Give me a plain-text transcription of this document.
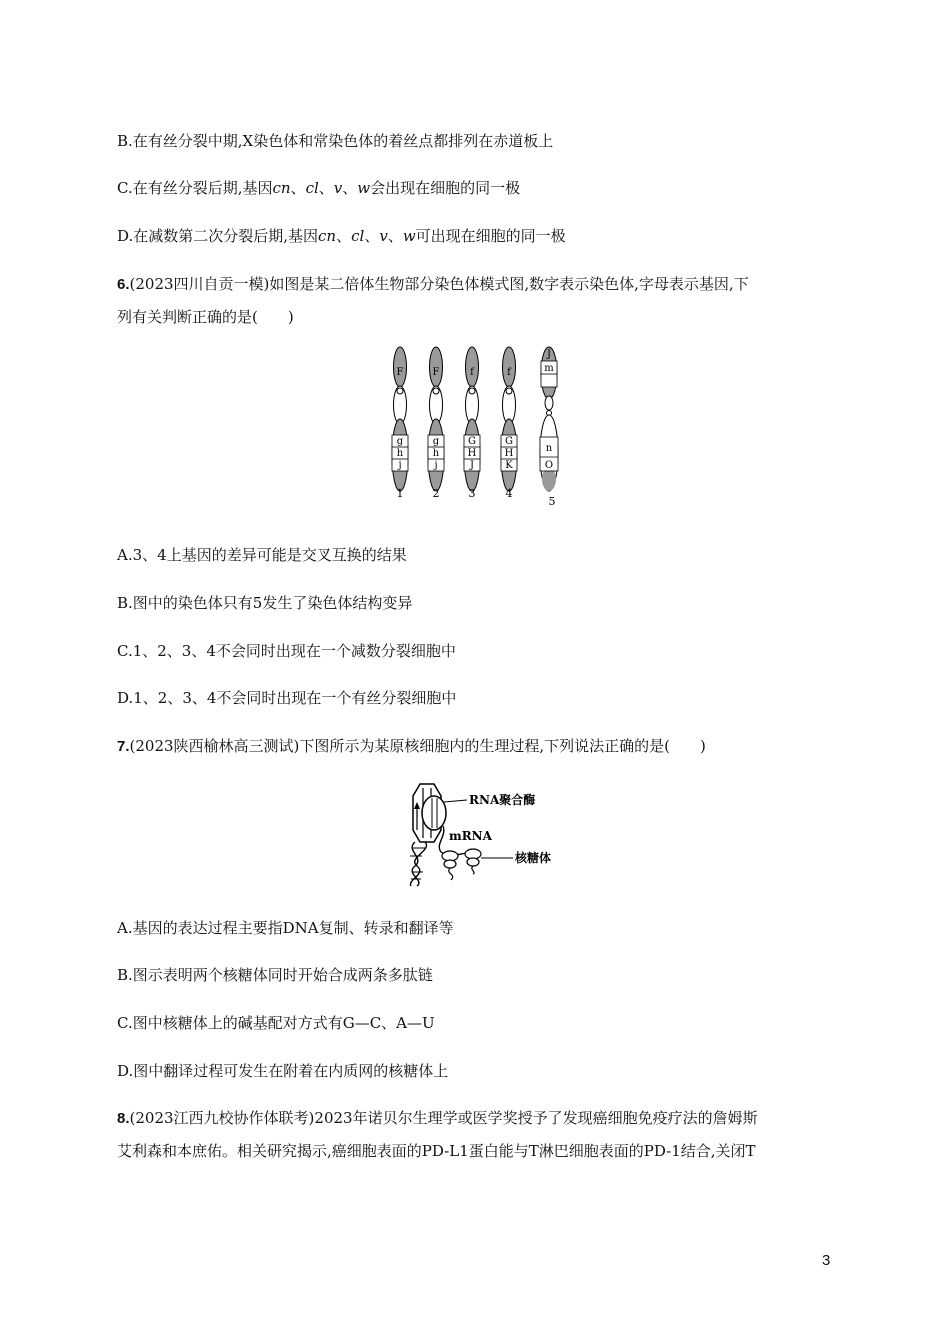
B.在有丝分裂中期,X染色体和常染色体的着丝点都排列在赤道板上
C.在有丝分裂后期,基因cn、cl、v、w会出现在细胞的同一极
D.在减数第二次分裂后期,基因cn、cl、v、w可出现在细胞的同一极
6.(2023四川自贡一模)如图是某二倍体生物部分染色体模式图,数字表示染色体,字母表示基因,下
列有关判断正确的是(　　)
F
g
h
j
1
F
g
h
j
2
f
G
H
J
3
f
G
H
K
4
J
m
n
O
5
A.3、4上基因的差异可能是交叉互换的结果
B.图中的染色体只有5发生了染色体结构变异
C.1、2、3、4不会同时出现在一个减数分裂细胞中
D.1、2、3、4不会同时出现在一个有丝分裂细胞中
7.(2023陕西榆林高三测试)下图所示为某原核细胞内的生理过程,下列说法正确的是(　　)
RNA聚合酶
mRNA
核糖体
A.基因的表达过程主要指DNA复制、转录和翻译等
B.图示表明两个核糖体同时开始合成两条多肽链
C.图中核糖体上的碱基配对方式有G—C、A—U
D.图中翻译过程可发生在附着在内质网的核糖体上
8.(2023江西九校协作体联考)2023年诺贝尔生理学或医学奖授予了发现癌细胞免疫疗法的詹姆斯
艾利森和本庶佑。相关研究揭示,癌细胞表面的PD-L1蛋白能与T淋巴细胞表面的PD-1结合,关闭T
3
